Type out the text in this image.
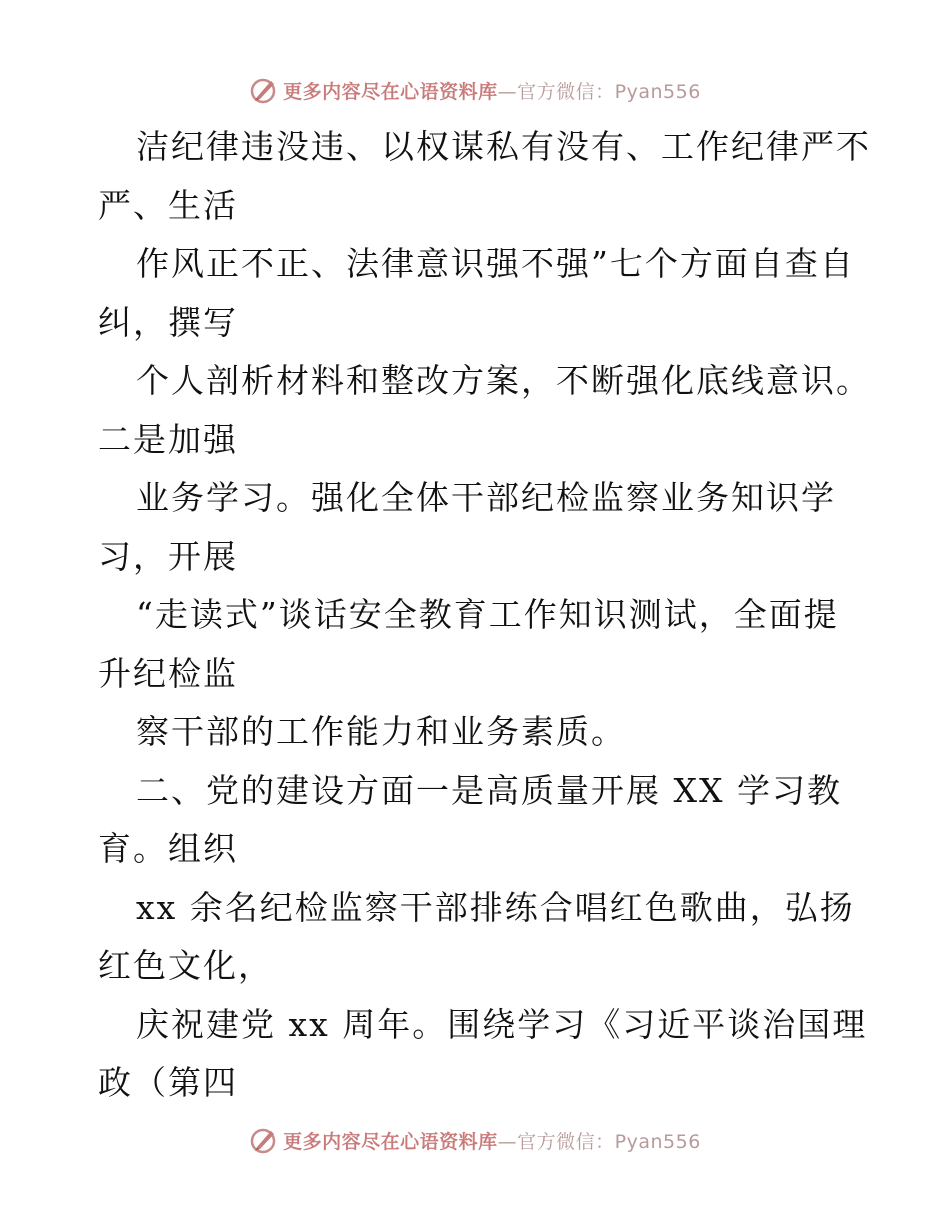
更多内容尽在心语资料库—官方微信：Pyan556
洁纪律违没违、以权谋私有没有、工作纪律严不
严、生活
作风正不正、法律意识强不强”七个方面自查自
纠，撰写
个人剖析材料和整改方案，不断强化底线意识。
二是加强
业务学习。强化全体干部纪检监察业务知识学
习，开展
“走读式”谈话安全教育工作知识测试，全面提
升纪检监
察干部的工作能力和业务素质。
二、党的建设方面一是高质量开展 XX 学习教
育。组织
xx 余名纪检监察干部排练合唱红色歌曲，弘扬
红色文化，
庆祝建党 xx 周年。围绕学习《习近平谈治国理
政（第四
更多内容尽在心语资料库—官方微信：Pyan556
